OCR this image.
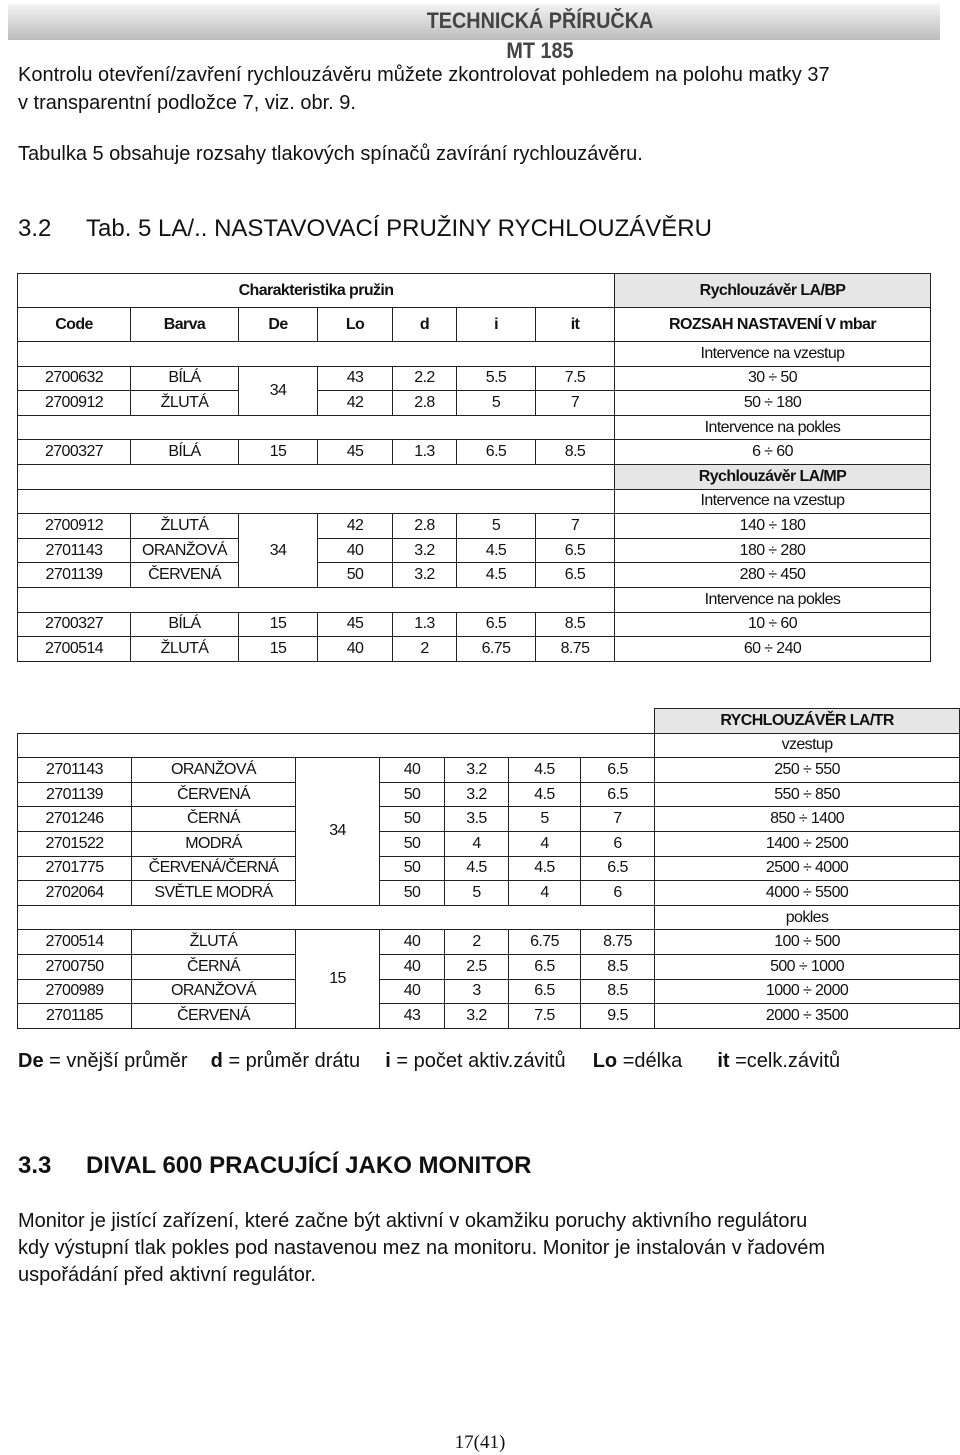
TECHNICKÁ PŘÍRUČKA
MT 185

Kontrolu otevření/zavření rychlouzávěru můžete zkontrolovat pohledem na polohu matky 37

v transparentní podložce 7, viz. obr. 9.

Tabulka 5 obsahuje rozsahy tlakových spínačů zavírání rychlouzávěru.

3.2 Tab. 5 LA/.. NASTAVOVACÍ PRUŽINY RYCHLOUZÁVĚRU
Charakteristika pružin							Rychlouzávěr LA/BP
Code	Barva	De	Lo	d	i	it	ROZSAH NASTAVENÍ V mbar
							Intervence na vzestup
2700632	BÍLÁ	34	43	2.2	5.5	7.5	30 ÷ 50
2700912	ŽLUTÁ		42	2.8	5	7	50 ÷ 180
							Intervence na pokles
2700327	BÍLÁ	15	45	1.3	6.5	8.5	6 ÷ 60
							Rychlouzávěr LA/MP
							Intervence na vzestup
2700912	ŽLUTÁ	34	42	2.8	5	7	140 ÷ 180
2701143	ORANŽOVÁ		40	3.2	4.5	6.5	180 ÷ 280
2701139	ČERVENÁ		50	3.2	4.5	6.5	280 ÷ 450
							Intervence na pokles
2700327	BÍLÁ	15	45	1.3	6.5	8.5	10 ÷ 60
2700514	ŽLUTÁ	15	40	2	6.75	8.75	60 ÷ 240
							RYCHLOUZÁVĚR LA/TR
							vzestup
2701143	ORANŽOVÁ	34	40	3.2	4.5	6.5	250 ÷ 550
2701139	ČERVENÁ		50	3.2	4.5	6.5	550 ÷ 850
2701246	ČERNÁ		50	3.5	5	7	850 ÷ 1400
2701522	MODRÁ		50	4	4	6	1400 ÷ 2500
2701775	ČERVENÁ/ČERNÁ		50	4.5	4.5	6.5	2500 ÷ 4000
2702064	SVĚTLE MODRÁ		50	5	4	6	4000 ÷ 5500
							pokles
2700514	ŽLUTÁ	15	40	2	6.75	8.75	100 ÷ 500
2700750	ČERNÁ		40	2.5	6.5	8.5	500 ÷ 1000
2700989	ORANŽOVÁ		40	3	6.5	8.5	1000 ÷ 2000
2701185	ČERVENÁ		43	3.2	7.5	9.5	2000 ÷ 3500
De = vnější průměr d = průměr drátu i = počet aktiv.závitů Lo =délka it =celk.závitů
3.3 DIVAL 600 PRACUJÍCÍ JAKO MONITOR

Monitor je jistící zařízení, které začne být aktivní v okamžiku poruchy aktivního regulátoru

kdy výstupní tlak pokles pod nastavenou mez na monitoru. Monitor je instalován v řadovém

uspořádání před aktivní regulátor.

17(41)
